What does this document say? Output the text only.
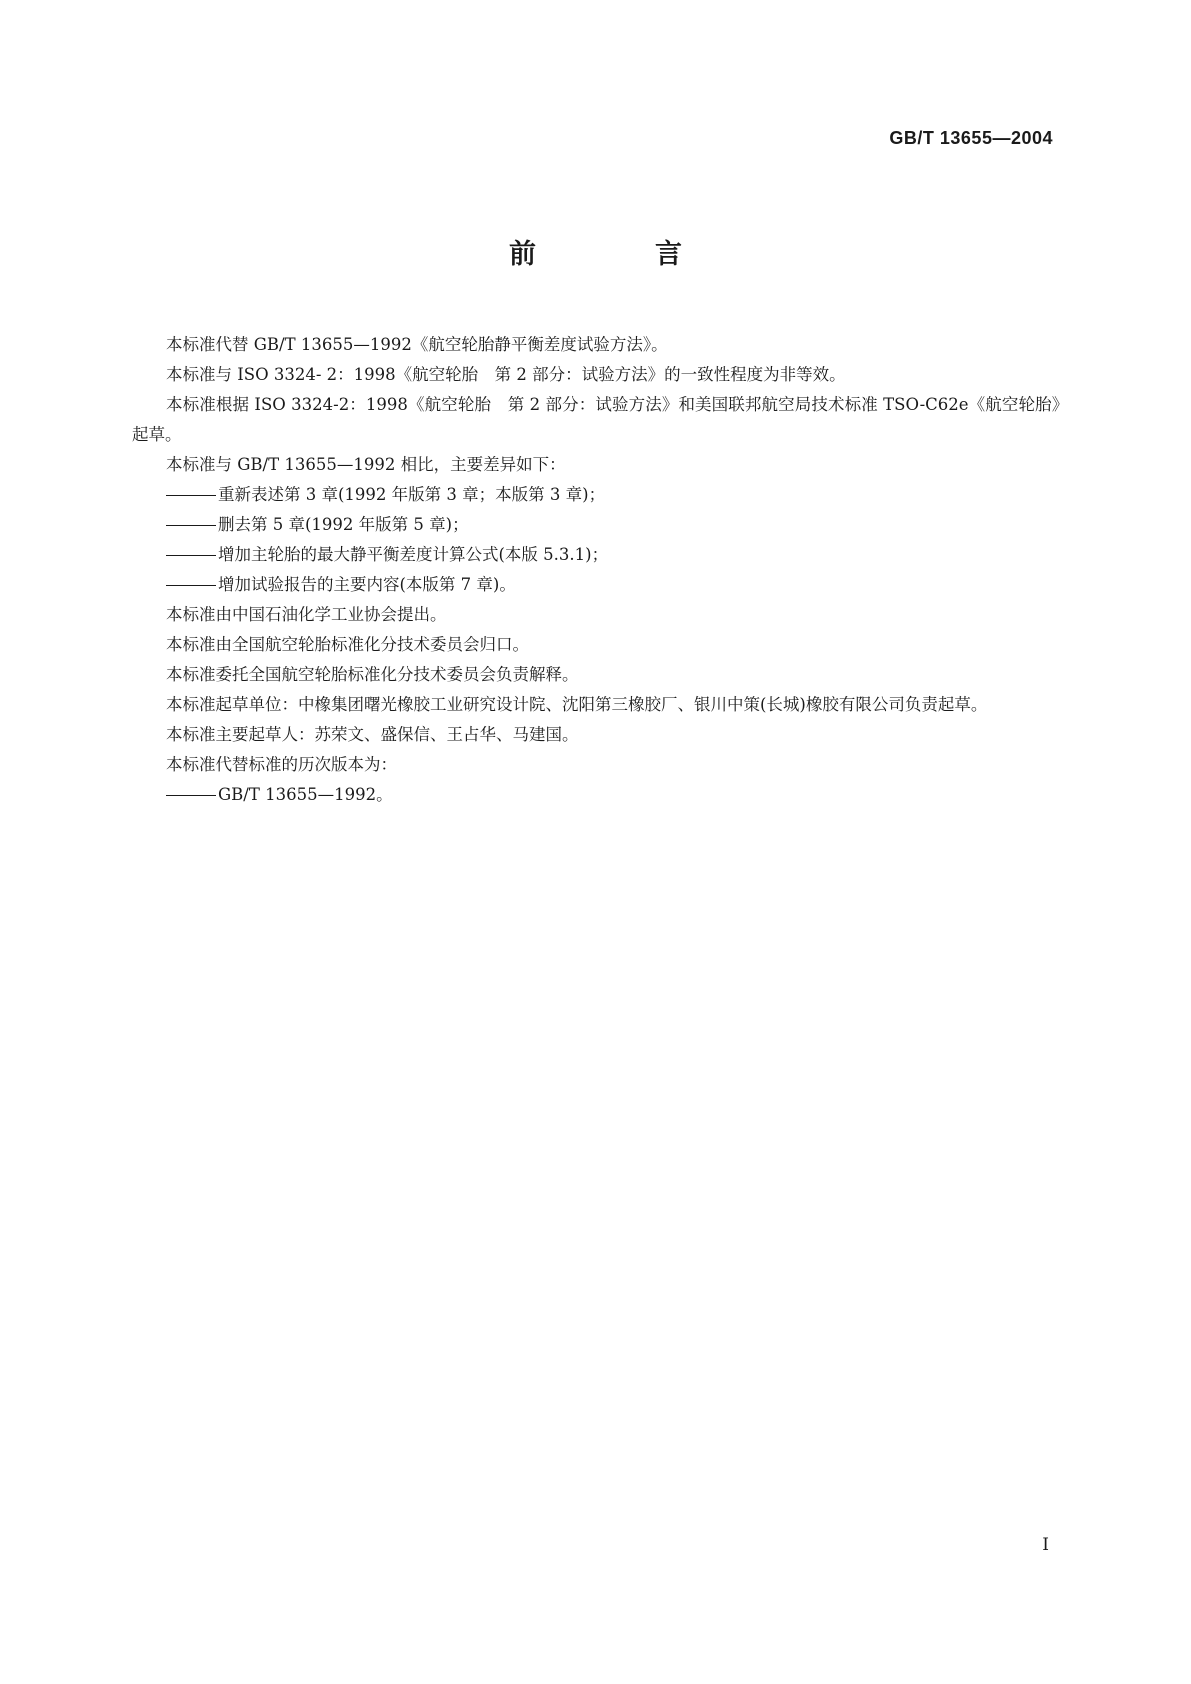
GB/T 13655—2004
前　言

本标准代替 GB/T 13655—1992《航空轮胎静平衡差度试验方法》。

本标准与 ISO 3324- 2：1998《航空轮胎　第 2 部分：试验方法》的一致性程度为非等效。

本标准根据 ISO 3324-2：1998《航空轮胎　第 2 部分：试验方法》和美国联邦航空局技术标准 TSO-C62e《航空轮胎》起草。

本标准与 GB/T 13655—1992 相比，主要差异如下：

重新表述第 3 章(1992 年版第 3 章；本版第 3 章)；

删去第 5 章(1992 年版第 5 章)；

增加主轮胎的最大静平衡差度计算公式(本版 5.3.1)；

增加试验报告的主要内容(本版第 7 章)。

本标准由中国石油化学工业协会提出。

本标准由全国航空轮胎标准化分技术委员会归口。

本标准委托全国航空轮胎标准化分技术委员会负责解释。

本标准起草单位：中橡集团曙光橡胶工业研究设计院、沈阳第三橡胶厂、银川中策(长城)橡胶有限公司负责起草。

本标准主要起草人：苏荣文、盛保信、王占华、马建国。

本标准代替标准的历次版本为：

GB/T 13655—1992。

I
